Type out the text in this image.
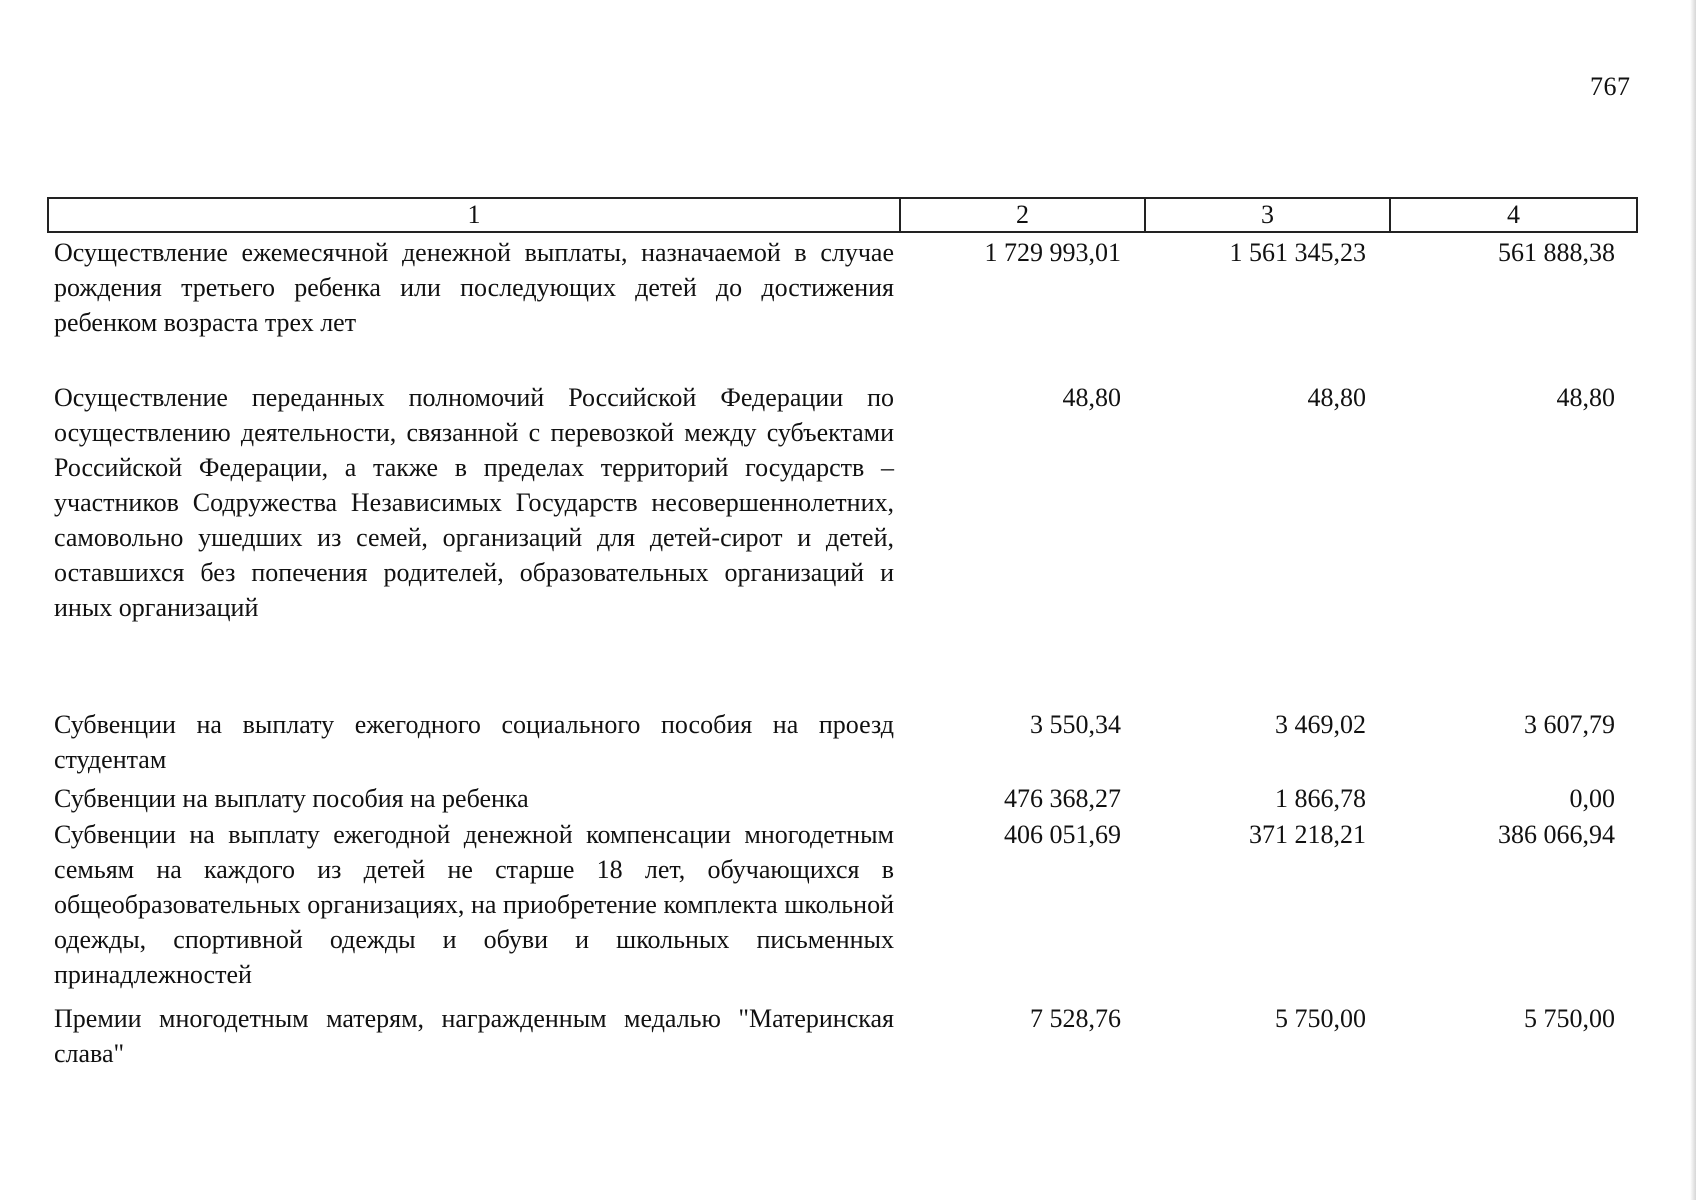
767
1	2	3	4
Осуществление ежемесячной денежной выплаты, назначаемой в случае рождения третьего ребенка или последующих детей до достижения ребенком возраста трех лет	1 729 993,01	1 561 345,23	561 888,38
Осуществление переданных полномочий Российской Федерации по осуществлению деятельности, связанной с перевозкой между субъектами Российской Федерации, а также в пределах территорий государств – участников Содружества Независимых Государств несовершеннолетних, самовольно ушедших из семей, организаций для детей-сирот и детей, оставшихся без попечения родителей, образовательных организаций и иных организаций	48,80	48,80	48,80
Субвенции на выплату ежегодного социального пособия на проезд студентам	3 550,34	3 469,02	3 607,79
Субвенции на выплату пособия на ребенка	476 368,27	1 866,78	0,00
Субвенции на выплату ежегодной денежной компенсации многодетным семьям на каждого из детей не старше 18 лет, обучающихся в общеобразовательных организациях, на приобретение комплекта школьной одежды, спортивной одежды и обуви и школьных письменных принадлежностей	406 051,69	371 218,21	386 066,94
Премии многодетным матерям, награжденным медалью "Материнская слава"	7 528,76	5 750,00	5 750,00
